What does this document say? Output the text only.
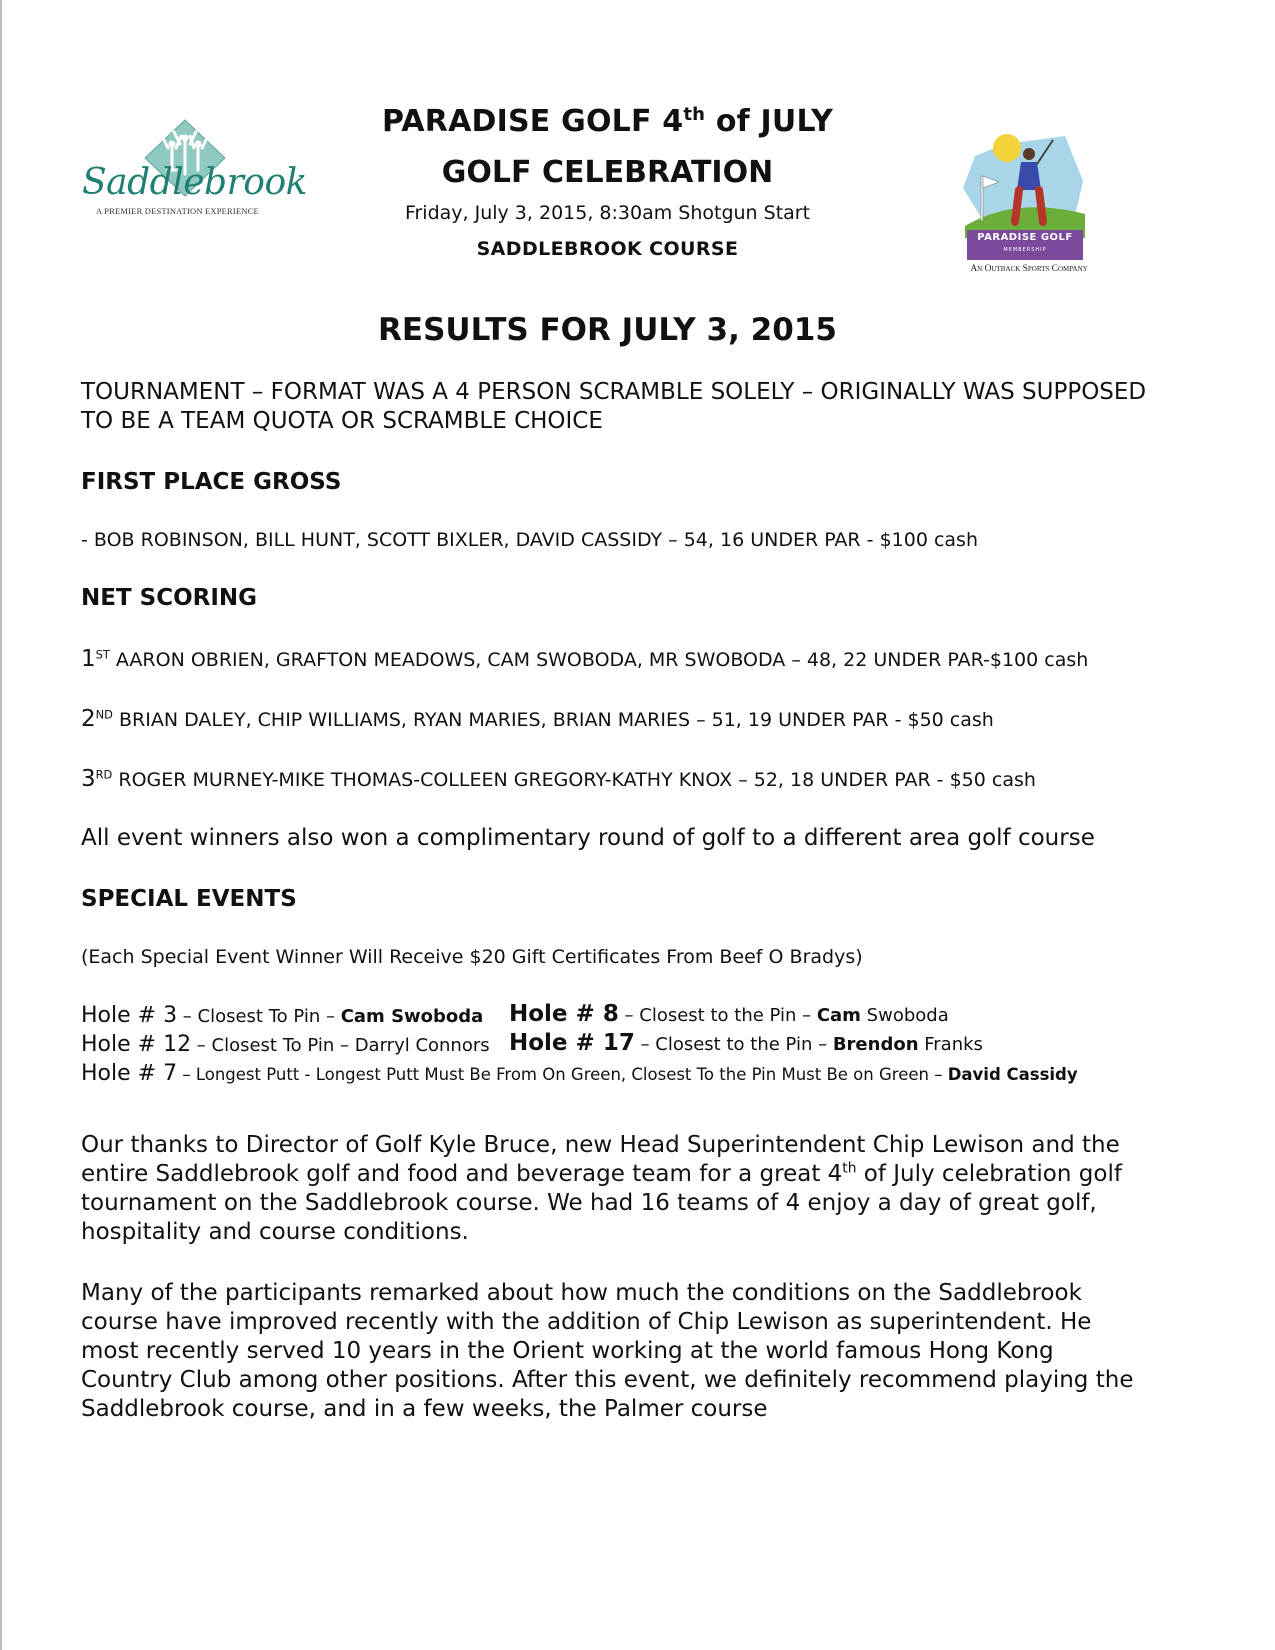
Saddlebrook
A PREMIER DESTINATION EXPERIENCE
PARADISE GOLF
MEMBERSHIP
An Outback Sports Company
PARADISE GOLF 4th of JULY
GOLF CELEBRATION
Friday, July 3, 2015, 8:30am Shotgun Start
SADDLEBROOK COURSE
RESULTS FOR JULY 3, 2015
TOURNAMENT – FORMAT WAS A 4 PERSON SCRAMBLE SOLELY – ORIGINALLY WAS SUPPOSED TO BE A TEAM QUOTA OR SCRAMBLE CHOICE
FIRST PLACE GROSS
- BOB ROBINSON, BILL HUNT, SCOTT BIXLER, DAVID CASSIDY – 54, 16 UNDER PAR - $100 cash
NET SCORING
1ST AARON OBRIEN, GRAFTON MEADOWS, CAM SWOBODA, MR SWOBODA – 48, 22 UNDER PAR-$100 cash
2ND BRIAN DALEY, CHIP WILLIAMS, RYAN MARIES, BRIAN MARIES – 51, 19 UNDER PAR - $50 cash
3RD ROGER MURNEY-MIKE THOMAS-COLLEEN GREGORY-KATHY KNOX – 52, 18 UNDER PAR - $50 cash
All event winners also won a complimentary round of golf to a different area golf course
SPECIAL EVENTS
(Each Special Event Winner Will Receive $20 Gift Certificates From Beef O Bradys)
Hole # 3 – Closest To Pin – Cam Swoboda Hole # 8 – Closest to the Pin – Cam Swoboda
Hole # 12 – Closest To Pin – Darryl Connors Hole # 17 – Closest to the Pin – Brendon Franks
Hole # 7 – Longest Putt - Longest Putt Must Be From On Green, Closest To the Pin Must Be on Green – David Cassidy
Our thanks to Director of Golf Kyle Bruce, new Head Superintendent Chip Lewison and the entire Saddlebrook golf and food and beverage team for a great 4th of July celebration golf tournament on the Saddlebrook course. We had 16 teams of 4 enjoy a day of great golf, hospitality and course conditions.
Many of the participants remarked about how much the conditions on the Saddlebrook course have improved recently with the addition of Chip Lewison as superintendent. He most recently served 10 years in the Orient working at the world famous Hong Kong Country Club among other positions. After this event, we definitely recommend playing the Saddlebrook course, and in a few weeks, the Palmer course
